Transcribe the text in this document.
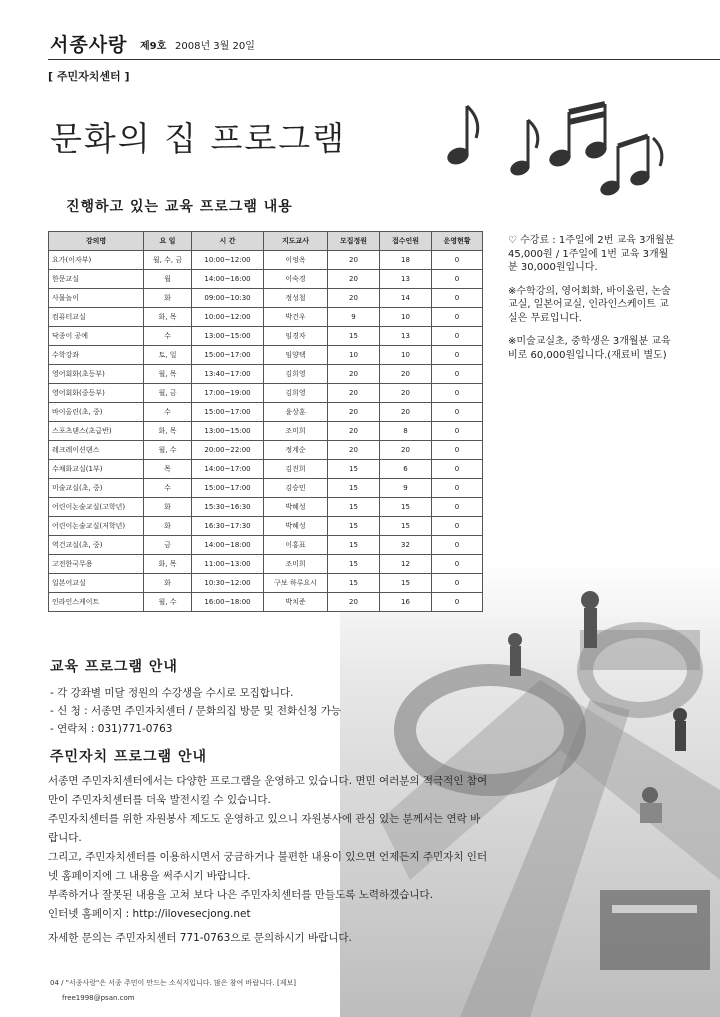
서종사랑 제9호 2008년 3월 20일
[ 주민자치센터 ]
문화의 집 프로그램
진행하고 있는 교육 프로그램 내용
강의명	요 일	시 간	지도교사	모집정원	접수인원	운영현황
요가(이자부)	월, 수, 금	10:00~12:00	이엉옥	20	18	0
한문교실	월	14:00~16:00	이숙경	20	13	0
사물놀이	화	09:00~10:30	정성철	20	14	0
컴퓨터교실	화, 목	10:00~12:00	박건우	9	10	0
닥종이 공예	수	13:00~15:00	임경자	15	13	0
수학강좌	토, 일	15:00~17:00	임양택	10	10	0
영어회화(초등부)	월, 목	13:40~17:00	김희영	20	20	0
영어회화(중등부)	월, 금	17:00~19:00	김희영	20	20	0
바이올린(초, 중)	수	15:00~17:00	윤상훈	20	20	0
스포츠댄스(초급반)	화, 목	13:00~15:00	조미희	20	8	0
레크레이션댄스	월, 수	20:00~22:00	정계순	20	20	0
수채화교실(1부)	목	14:00~17:00	김진희	15	6	0
미술교실(초, 중)	수	15:00~17:00	김승민	15	9	0
어린이논술교실(고학년)	화	15:30~16:30	박혜성	15	15	0
어린이논술교실(저학년)	화	16:30~17:30	박혜성	15	15	0
역건교실(초, 중)	금	14:00~18:00	이홍표	15	32	0
고전한국무용	화, 목	11:00~13:00	조미희	15	12	0
일본어교실	화	10:30~12:00	구보 하루요시	15	15	0
인라인스케이트	월, 수	16:00~18:00	박치준	20	16	0

♡ 수강료 : 1주일에 2번 교육 3개월분 45,000원 / 1주일에 1번 교육 3개월분 30,000원입니다.

※수학강의, 영어회화, 바이올린, 논술교실, 일본어교실, 인라인스케이트 교실은 무료입니다.

※미술교실초, 중학생은 3개월분 교육비로 60,000원입니다.(재료비 별도)

교육 프로그램 안내
- 각 강좌별 미달 정원의 수강생을 수시로 모집합니다.
- 신 청 : 서종면 주민자치센터 / 문화의집 방문 및 전화신청 가능
- 연락처 : 031)771-0763
주민자치 프로그램 안내

서종면 주민자치센터에서는 다양한 프로그램을 운영하고 있습니다. 면민 여러분의 적극적인 참여만이 주민자치센터를 더욱 발전시킬 수 있습니다.

주민자치센터를 위한 자원봉사 제도도 운영하고 있으니 자원봉사에 관심 있는 분께서는 연락 바랍니다.

그리고, 주민자치센터를 이용하시면서 궁금하거나 불편한 내용이 있으면 언제든지 주민자치 인터넷 홈페이지에 그 내용을 써주시기 바랍니다.

부족하거나 잘못된 내용을 고쳐 보다 나은 주민자치센터를 만들도록 노력하겠습니다.

인터넷 홈페이지 : http://ilovesecjong.net

자세한 문의는 주민자치센터 771-0763으로 문의하시기 바랍니다.
04 / "서종사랑"은 서종 주민이 만드는 소식지입니다. 많은 참여 바랍니다. [제보]
free1998@psan.com
